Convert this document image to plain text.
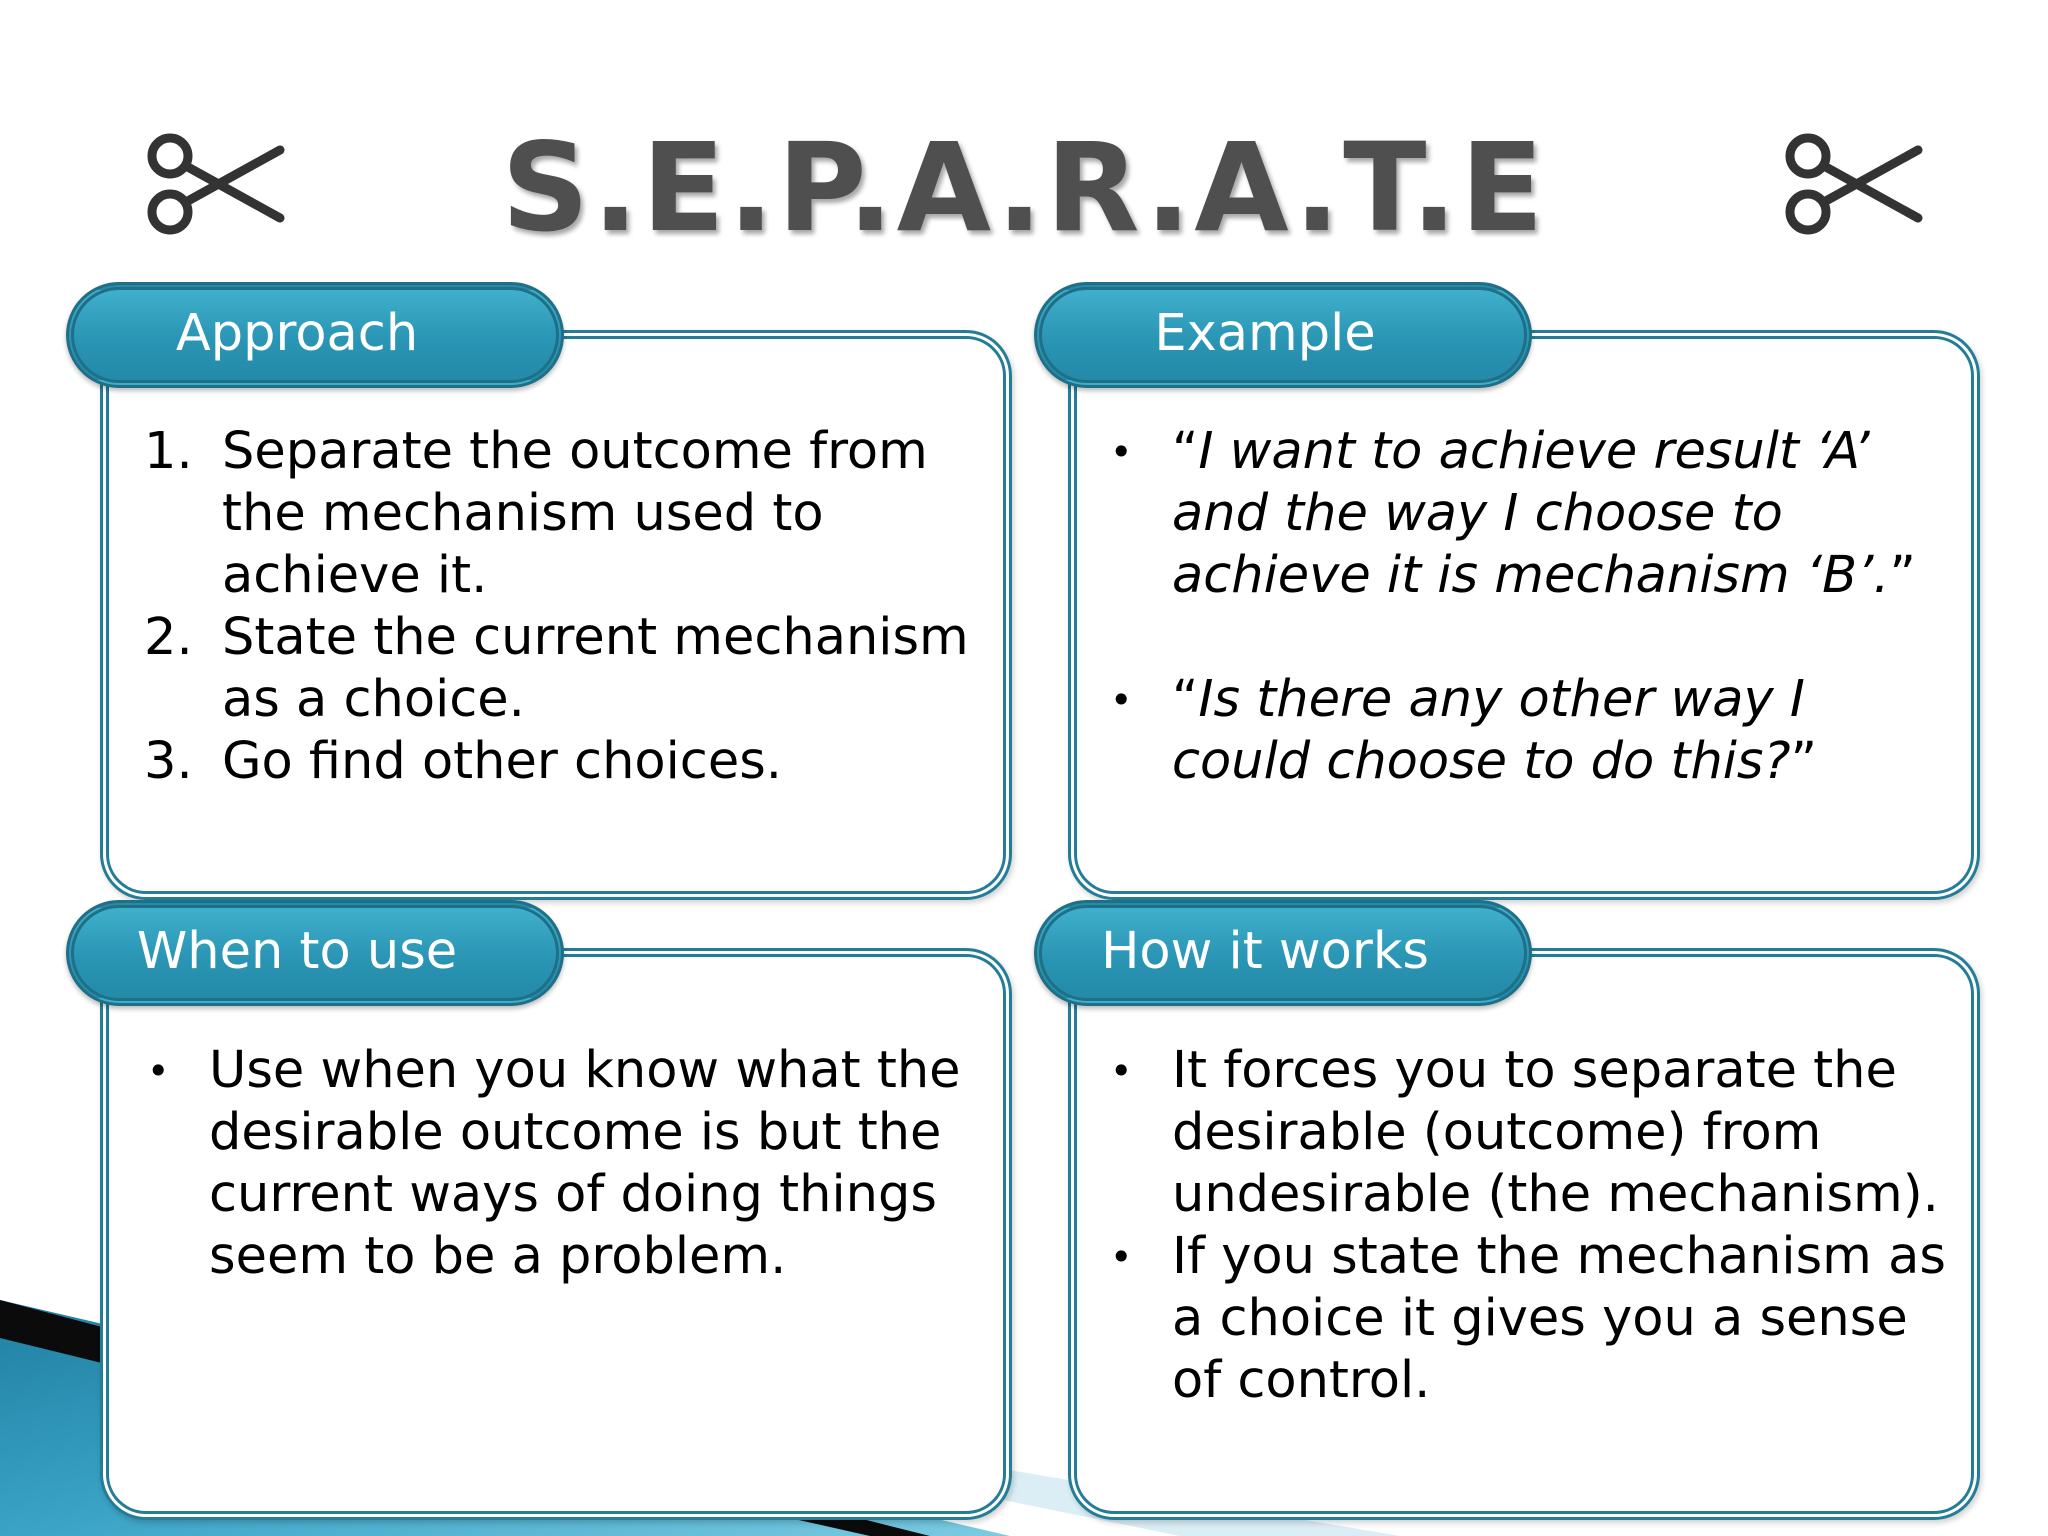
S.E.P.A.R.A.T.E
Approach
1. Separate the outcome from
the mechanism used to
achieve it.
2. State the current mechanism
as a choice.
3. Go find other choices.
Example
• “I want to achieve result ‘A’
and the way I choose to
achieve it is mechanism ‘B’.”
• “Is there any other way I
could choose to do this?”
When to use
• Use when you know what the
desirable outcome is but the
current ways of doing things
seem to be a problem.
How it works
• It forces you to separate the
desirable (outcome) from
undesirable (the mechanism).
• If you state the mechanism as
a choice it gives you a sense
of control.
